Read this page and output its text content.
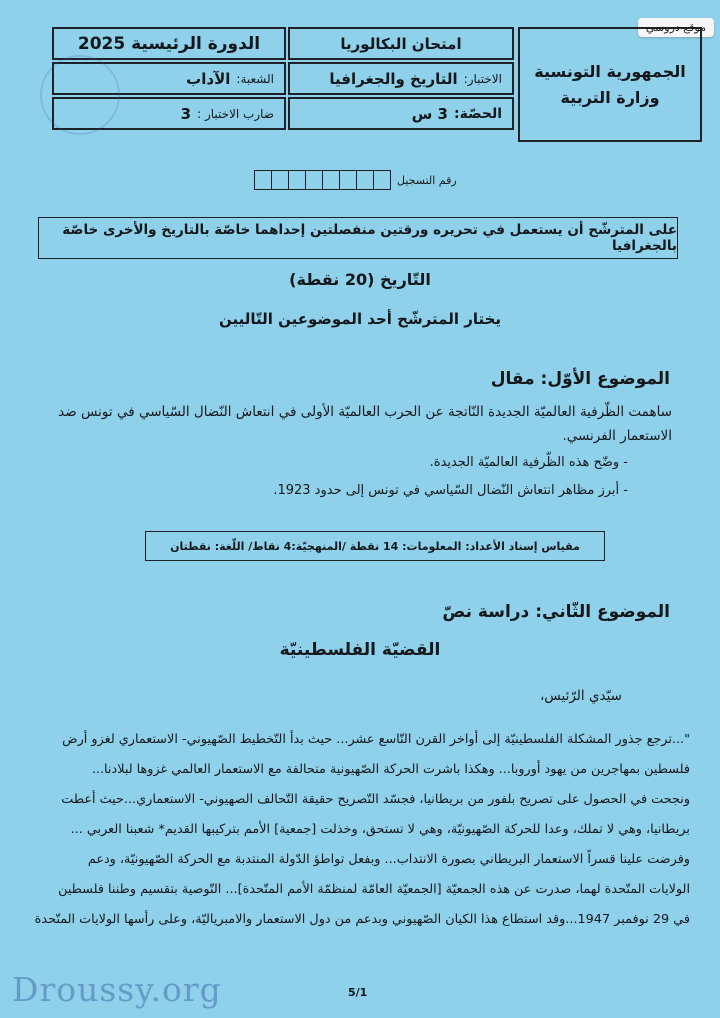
موقع دروسي
الجمهورية التونسية
وزارة التربية
امتحان البكالوريا
الاختبار:
التاريخ والجغرافيا
الحصّة:
3 س
الدورة الرئيسية 2025
الشعبة:
الآداب
ضارب الاختبار :
3
رقم التسجيل
على المترشّح أن يستعمل في تحريره ورقتين منفصلتين إحداهما خاصّة بالتاريخ والأخرى خاصّة بالجغرافيا
التّاريخ (20 نقطة)
يختار المترشّح أحد الموضوعين التّاليين
الموضوع الأوّل: مقال
ساهمت الظّرفية العالميّة الجديدة النّاتجة عن الحرب العالميّة الأولى في انتعاش النّضال السّياسي في تونس ضد الاستعمار الفرنسي.
- وضّح هذه الظّرفية العالميّة الجديدة.
- أبرز مظاهر انتعاش النّضال السّياسي في تونس إلى حدود 1923.
مقياس إسناد الأعداد: المعلومات: 14 نقطة /المنهجيّة:4 نقاط/ اللّغة: نقطتان
الموضوع الثّاني: دراسة نصّ
القضيّة الفلسطينيّة
سيّدي الرّئيس،
"...ترجع جذور المشكلة الفلسطينيّة إلى أواخر القرن التّاسع عشر... حيث بدأ التّخطيط الصّهيوني- الاستعماري لغزو أرض
فلسطين بمهاجرين من يهود أوروبا... وهكذا باشرت الحركة الصّهيونية متحالفة مع الاستعمار العالمي غزوها لبلادنا...
ونجحت في الحصول على تصريح بلفور من بريطانيا، فجسّد التّصريح حقيقة التّحالف الصهيوني- الاستعماري...حيث أعطت
بريطانيا، وهي لا تملك، وعدا للحركة الصّهيونيّة، وهي لا تستحق، وخذلت [جمعية] الأمم بتركيبها القديم* شعبنا العربي ...
وفرضت علينا قسراً الاستعمار البريطاني بصورة الانتداب... وبفعل تواطؤ الدّولة المنتدبة مع الحركة الصّهيونيّة، ودعم
الولايات المتّحدة لهما، صدرت عن هذه الجمعيّة [الجمعيّة العامّة لمنظمّة الأمم المتّحدة]... التّوصية بتقسيم وطننا فلسطين
في 29 نوفمبر 1947...وقد استطاع هذا الكيان الصّهيوني وبدعم من دول الاستعمار والامبرياليّة، وعلى رأسها الولايات المتّحدة
Droussy.org	5/1
